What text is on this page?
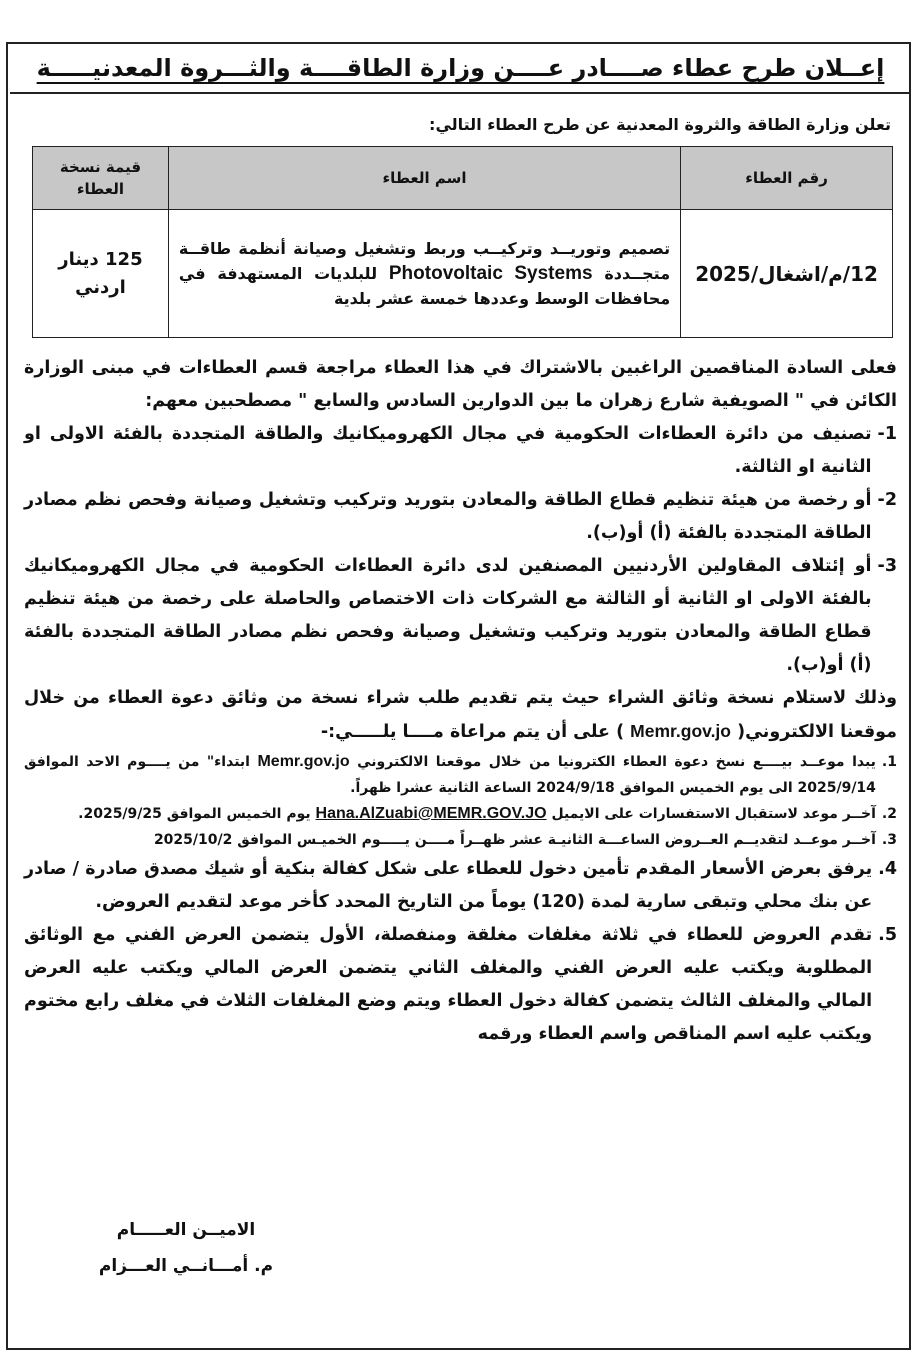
إعــلان طرح عطاء صــــادر عــــن وزارة الطاقــــة والثـــروة المعدنيـــــة
تعلن وزارة الطاقة والثروة المعدنية عن طرح العطاء التالي:
رقم العطاء	اسم العطاء	قيمة نسخة العطاء
12/م/اشغال/2025	تصميم وتوريــد وتركيــب وربط وتشغيل وصيانة أنظمة طاقــة متجــددة Photovoltaic Systems للبلديات المستهدفة في محافظات الوسط وعددها خمسة عشر بلدية	125 دينار اردني

فعلى السادة المناقصين الراغبين بالاشتراك في هذا العطاء مراجعة قسم العطاءات في مبنى الوزارة الكائن في " الصويفية شارع زهران ما بين الدوارين السادس والسابع " مصطحبين معهم:

1-
تصنيف من دائرة العطاءات الحكومية في مجال الكهروميكانيك والطاقة المتجددة بالفئة الاولى او الثانية او الثالثة.
2-
أو رخصة من هيئة تنظيم قطاع الطاقة والمعادن بتوريد وتركيب وتشغيل وصيانة وفحص نظم مصادر الطاقة المتجددة بالفئة (أ) أو(ب).
3-
أو إئتلاف المقاولين الأردنيين المصنفين لدى دائرة العطاءات الحكومية في مجال الكهروميكانيك بالفئة الاولى او الثانية أو الثالثة مع الشركات ذات الاختصاص والحاصلة على رخصة من هيئة تنظيم قطاع الطاقة والمعادن بتوريد وتركيب وتشغيل وصيانة وفحص نظم مصادر الطاقة المتجددة بالفئة (أ) أو(ب).

وذلك لاستلام نسخة وثائق الشراء حيث يتم تقديم طلب شراء نسخة من وثائق دعوة العطاء من خلال موقعنا الالكتروني( Memr.gov.jo ) على أن يتم مراعاة مــــا يلـــــي:-

1.
يبدا موعــد بيــــع نسخ دعوة العطاء الكترونيا من خلال موقعنا الالكتروني Memr.gov.jo ابتداء" من يــــوم الاحد الموافق 2025/9/14 الى يوم الخميس الموافق 2024/9/18 الساعة الثانية عشرا ظهراً.
2.
آخــر موعد لاستقبال الاستفسارات على الايميل Hana.AlZuabi@MEMR.GOV.JO يوم الخميس الموافق 2025/9/25.
3.
آخــر موعــد لتقديــم العــروض الساعـــة الثانيـة عشر ظهــراً مــــن يـــــوم الخميـس الموافق 2025/10/2
4.
يرفق بعرض الأسعار المقدم تأمين دخول للعطاء على شكل كفالة بنكية أو شيك مصدق صادرة / صادر عن بنك محلي وتبقى سارية لمدة (120) يوماً من التاريخ المحدد كأخر موعد لتقديم العروض.
5.
تقدم العروض للعطاء في ثلاثة مغلفات مغلقة ومنفصلة، الأول يتضمن العرض الفني مع الوثائق المطلوبة ويكتب عليه العرض الفني والمغلف الثاني يتضمن العرض المالي ويكتب عليه العرض المالي والمغلف الثالث يتضمن كفالة دخول العطاء ويتم وضع المغلفات الثلاث في مغلف رابع مختوم ويكتب عليه اسم المناقص واسم العطاء ورقمه
الاميــن العـــــام
م. أمـــانــي العـــزام
